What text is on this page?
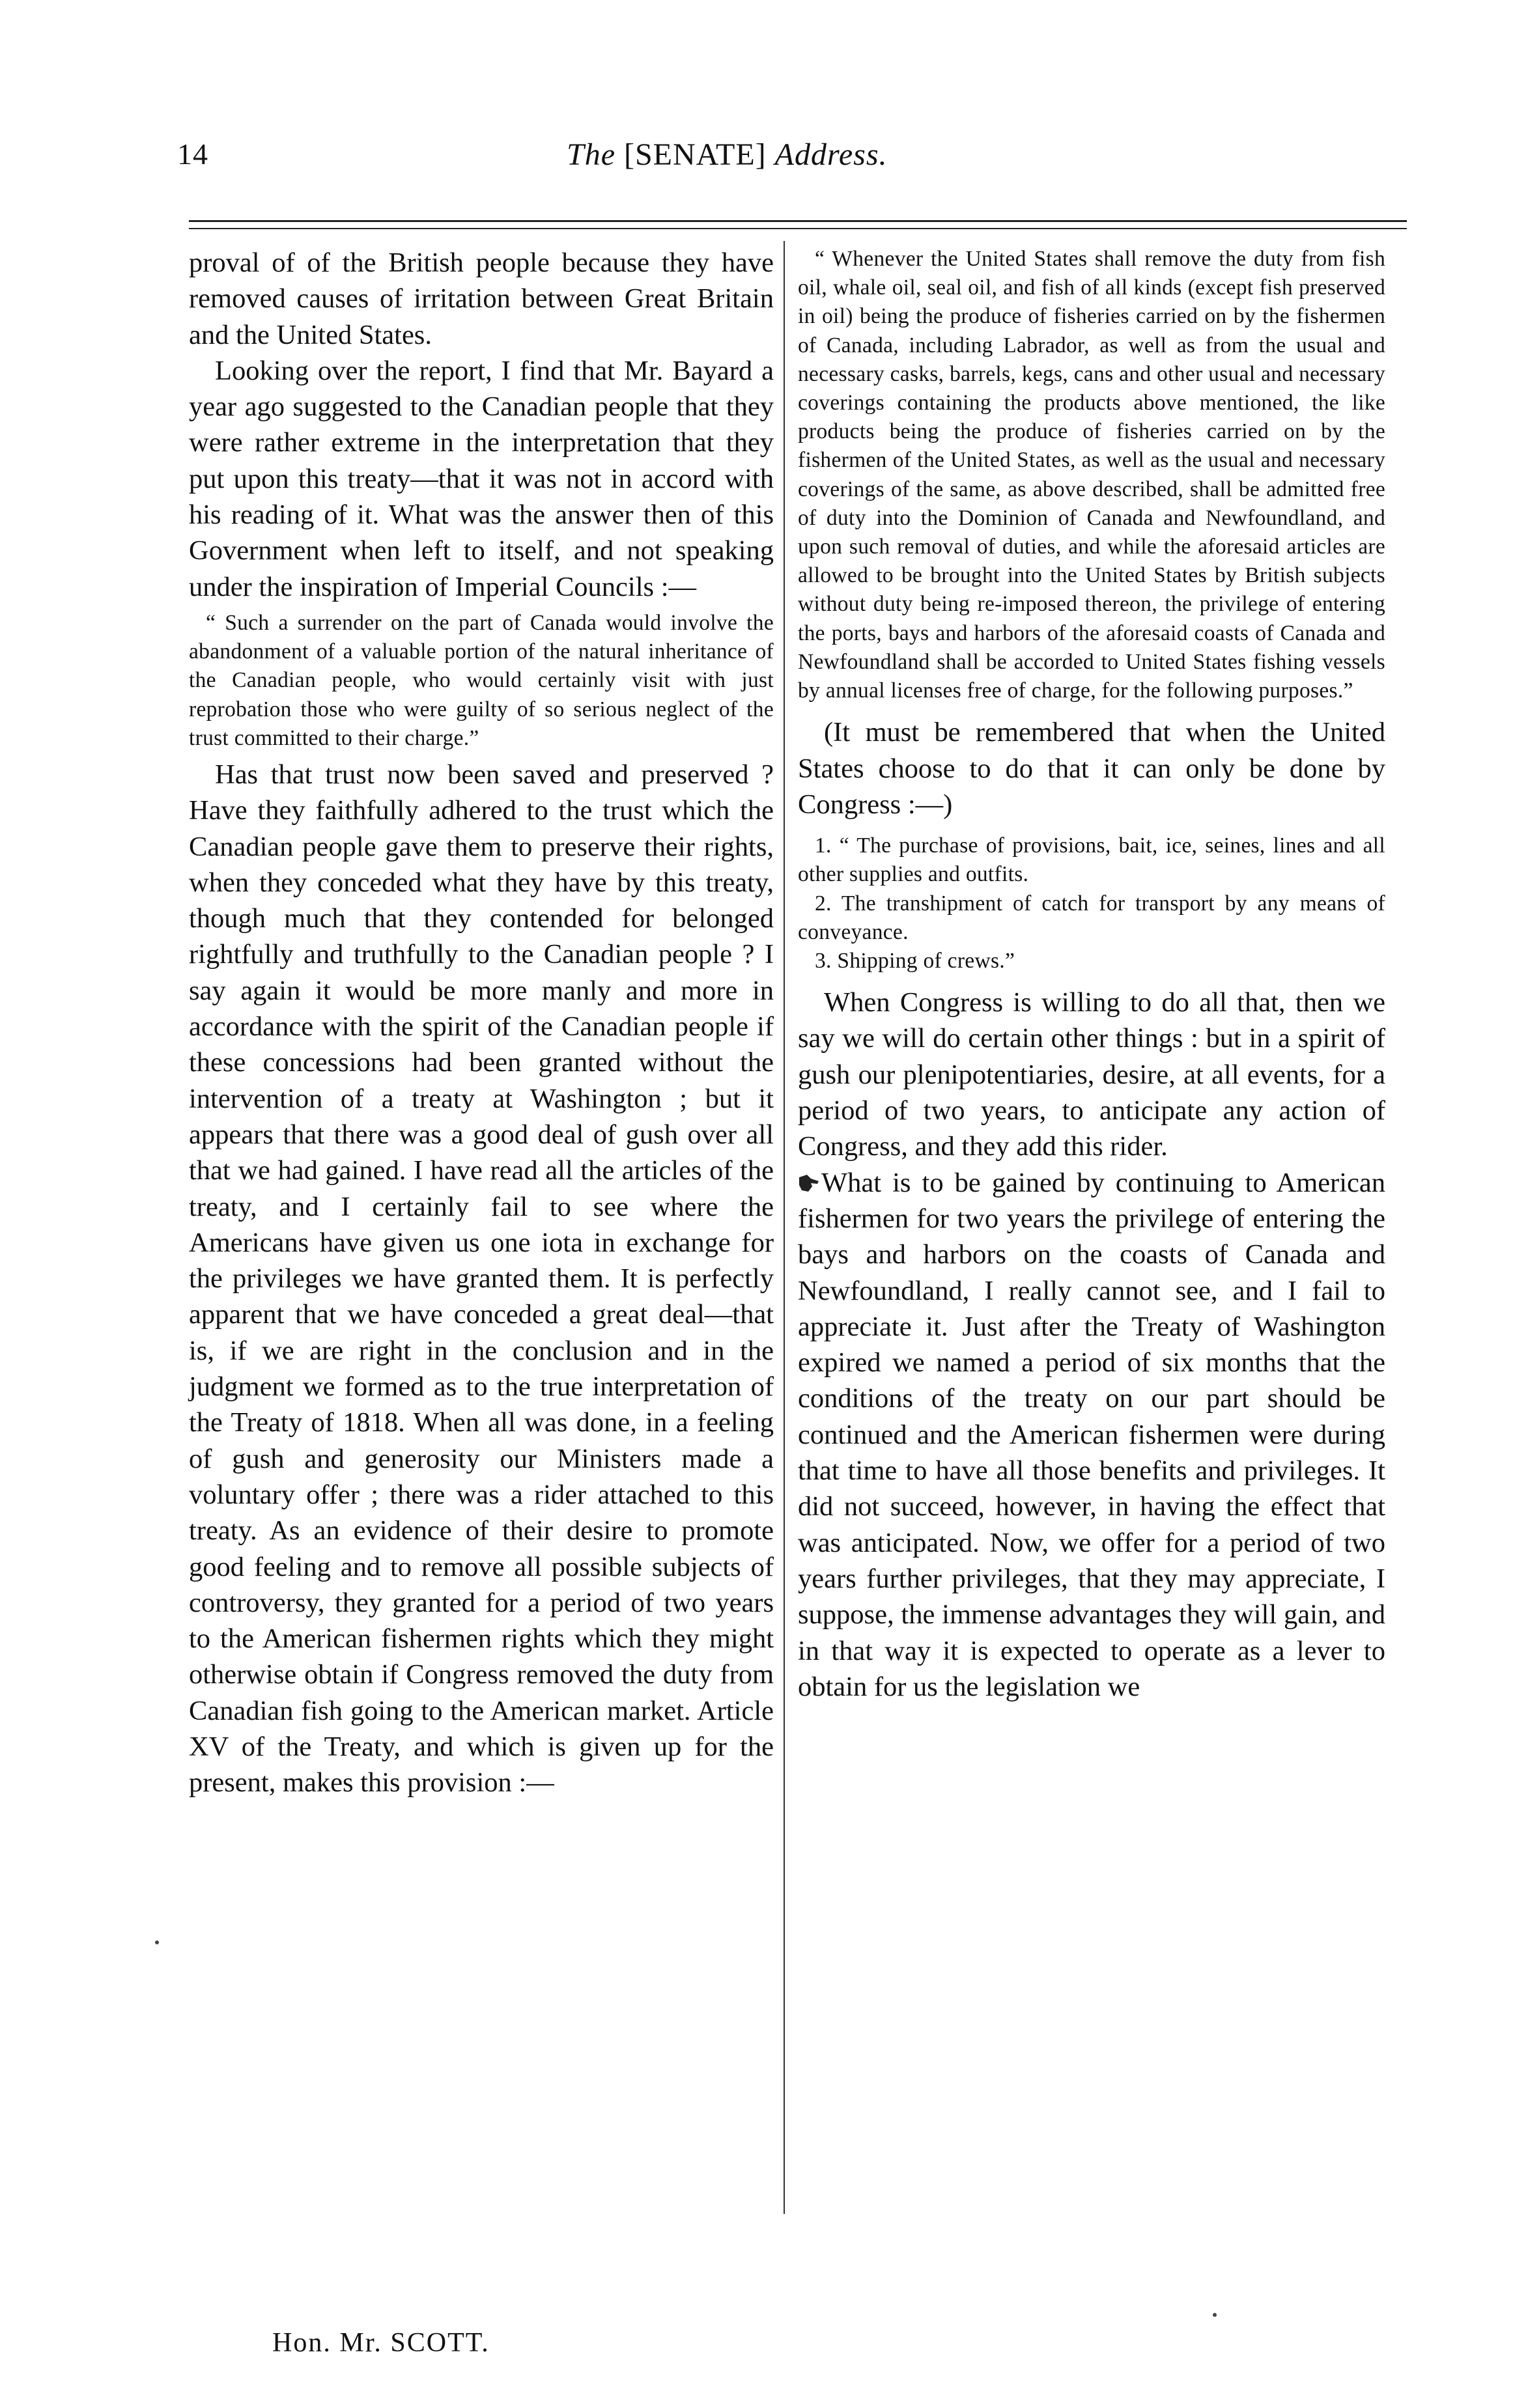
14	The [SENATE] Address.

proval of of the British people because they have removed causes of irritation between Great Britain and the United States.

Looking over the report, I find that Mr. Bayard a year ago suggested to the Canadian people that they were rather extreme in the interpretation that they put upon this treaty—that it was not in accord with his reading of it. What was the answer then of this Government when left to itself, and not speaking under the inspiration of Imperial Councils :—

“ Such a surrender on the part of Canada would involve the abandonment of a valuable portion of the natural inheritance of the Canadian people, who would certainly visit with just reprobation those who were guilty of so serious neglect of the trust committed to their charge.”

Has that trust now been saved and preserved ? Have they faithfully adhered to the trust which the Canadian people gave them to preserve their rights, when they conceded what they have by this treaty, though much that they contended for belonged rightfully and truthfully to the Canadian people ? I say again it would be more manly and more in accordance with the spirit of the Canadian people if these concessions had been granted without the intervention of a treaty at Washington ; but it appears that there was a good deal of gush over all that we had gained. I have read all the articles of the treaty, and I certainly fail to see where the Americans have given us one iota in exchange for the privileges we have granted them. It is perfectly apparent that we have conceded a great deal—that is, if we are right in the conclusion and in the judgment we formed as to the true interpretation of the Treaty of 1818. When all was done, in a feeling of gush and generosity our Ministers made a voluntary offer ; there was a rider attached to this treaty. As an evidence of their desire to promote good feeling and to remove all possible subjects of controversy, they granted for a period of two years to the American fishermen rights which they might otherwise obtain if Congress removed the duty from Canadian fish going to the American market. Article XV of the Treaty, and which is given up for the present, makes this provision :—

“ Whenever the United States shall remove the duty from fish oil, whale oil, seal oil, and fish of all kinds (except fish preserved in oil) being the produce of fisheries carried on by the fishermen of Canada, including Labrador, as well as from the usual and necessary casks, barrels, kegs, cans and other usual and necessary coverings containing the products above mentioned, the like products being the produce of fisheries carried on by the fishermen of the United States, as well as the usual and necessary coverings of the same, as above described, shall be admitted free of duty into the Dominion of Canada and Newfoundland, and upon such removal of duties, and while the aforesaid articles are allowed to be brought into the United States by British subjects without duty being re-imposed thereon, the privilege of entering the ports, bays and harbors of the aforesaid coasts of Canada and Newfoundland shall be accorded to United States fishing vessels by annual licenses free of charge, for the following purposes.”

(It must be remembered that when the United States choose to do that it can only be done by Congress :—)

1. “ The purchase of provisions, bait, ice, seines, lines and all other supplies and outfits.

2. The transhipment of catch for transport by any means of conveyance.

3. Shipping of crews.”

When Congress is willing to do all that, then we say we will do certain other things : but in a spirit of gush our plenipotentiaries, desire, at all events, for a period of two years, to anticipate any action of Congress, and they add this rider.

What is to be gained by continuing to American fishermen for two years the privilege of entering the bays and harbors on the coasts of Canada and Newfoundland, I really cannot see, and I fail to appreciate it. Just after the Treaty of Washington expired we named a period of six months that the conditions of the treaty on our part should be continued and the American fishermen were during that time to have all those benefits and privileges. It did not succeed, however, in having the effect that was anticipated. Now, we offer for a period of two years further privileges, that they may appreciate, I suppose, the immense advantages they will gain, and in that way it is expected to operate as a lever to obtain for us the legislation we

Hon. Mr. SCOTT.
